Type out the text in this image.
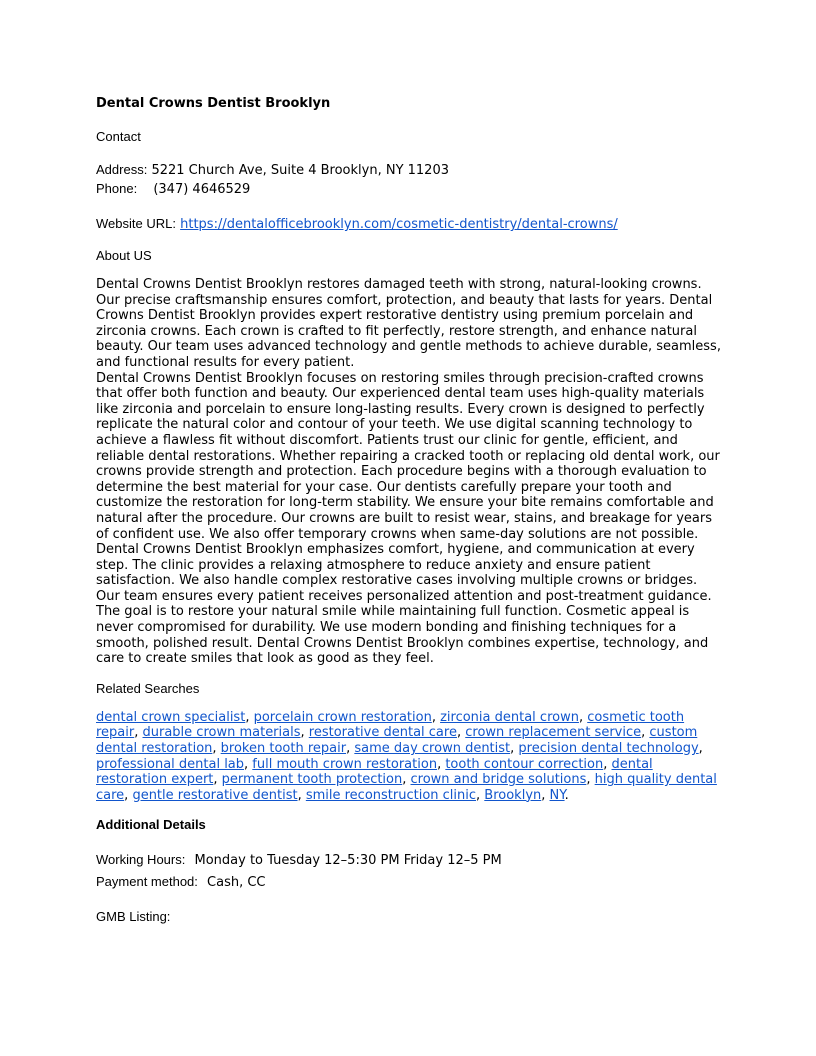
Dental Crowns Dentist Brooklyn
Contact
Address: 5221 Church Ave, Suite 4 Brooklyn, NY 11203
Phone: (347) 4646529
Website URL: https://dentalofficebrooklyn.com/cosmetic-dentistry/dental-crowns/
About US

Dental Crowns Dentist Brooklyn restores damaged teeth with strong, natural-looking crowns. Our precise craftsmanship ensures comfort, protection, and beauty that lasts for years. Dental Crowns Dentist Brooklyn provides expert restorative dentistry using premium porcelain and zirconia crowns. Each crown is crafted to fit perfectly, restore strength, and enhance natural beauty. Our team uses advanced technology and gentle methods to achieve durable, seamless, and functional results for every patient.

Dental Crowns Dentist Brooklyn focuses on restoring smiles through precision-crafted crowns that offer both function and beauty. Our experienced dental team uses high-quality materials like zirconia and porcelain to ensure long-lasting results. Every crown is designed to perfectly replicate the natural color and contour of your teeth. We use digital scanning technology to achieve a flawless fit without discomfort. Patients trust our clinic for gentle, efficient, and reliable dental restorations. Whether repairing a cracked tooth or replacing old dental work, our crowns provide strength and protection. Each procedure begins with a thorough evaluation to determine the best material for your case. Our dentists carefully prepare your tooth and customize the restoration for long-term stability. We ensure your bite remains comfortable and natural after the procedure. Our crowns are built to resist wear, stains, and breakage for years of confident use. We also offer temporary crowns when same-day solutions are not possible. Dental Crowns Dentist Brooklyn emphasizes comfort, hygiene, and communication at every step. The clinic provides a relaxing atmosphere to reduce anxiety and ensure patient satisfaction. We also handle complex restorative cases involving multiple crowns or bridges. Our team ensures every patient receives personalized attention and post-treatment guidance. The goal is to restore your natural smile while maintaining full function. Cosmetic appeal is never compromised for durability. We use modern bonding and finishing techniques for a smooth, polished result. Dental Crowns Dentist Brooklyn combines expertise, technology, and care to create smiles that look as good as they feel.

Related Searches

dental crown specialist, porcelain crown restoration, zirconia dental crown, cosmetic tooth repair, durable crown materials, restorative dental care, crown replacement service, custom dental restoration, broken tooth repair, same day crown dentist, precision dental technology, professional dental lab, full mouth crown restoration, tooth contour correction, dental restoration expert, permanent tooth protection, crown and bridge solutions, high quality dental care, gentle restorative dentist, smile reconstruction clinic, Brooklyn, NY.

Additional Details
Working Hours: Monday to Tuesday 12–5:30 PM Friday 12–5 PM
Payment method: Cash, CC
GMB Listing:
